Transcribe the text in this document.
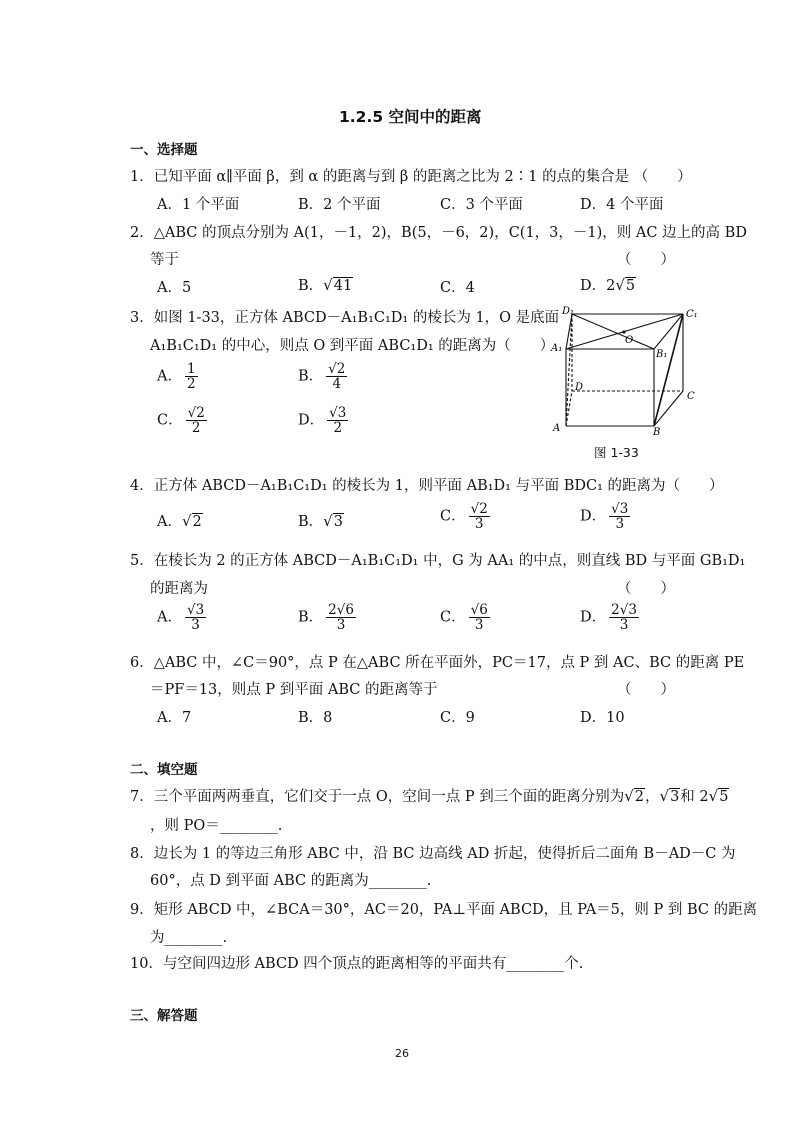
1.2.5 空间中的距离
一、选择题
1．已知平面 α∥平面 β，到 α 的距离与到 β 的距离之比为 2∶1 的点的集合是 （　　）
A．1 个平面	B．2 个平面	C．3 个平面	D．4 个平面
2．△ABC 的顶点分别为 A(1，－1，2)，B(5，－6，2)，C(1，3，－1)，则 AC 边上的高 BD
等于	（　　）
A．5	B．√41	C．4	D．2√5
3．如图 1-33，正方体 ABCD－A₁B₁C₁D₁ 的棱长为 1，O 是底面
A₁B₁C₁D₁ 的中心，则点 O 到平面 ABC₁D₁ 的距离为（　　）
A． $\frac{1}{2}$	B． $\frac{√2}{4}$
C． $\frac{√2}{2}$	D． $\frac{√3}{2}$
D₁	C₁
A₁
B₁
O
D
C
A	B
图 1-33
4．正方体 ABCD－A₁B₁C₁D₁ 的棱长为 1，则平面 AB₁D₁ 与平面 BDC₁ 的距离为（　　）
A．√2	B．√3	C． $\frac{√2}{3}$	D． $\frac{√3}{3}$
5．在棱长为 2 的正方体 ABCD－A₁B₁C₁D₁ 中，G 为 AA₁ 的中点，则直线 BD 与平面 GB₁D₁
的距离为	（　　）
A． $\frac{√3}{3}$	B． $\frac{2√6}{3}$	C． $\frac{√6}{3}$	D． $\frac{2√3}{3}$
6．△ABC 中，∠C＝90°，点 P 在△ABC 所在平面外，PC＝17，点 P 到 AC、BC 的距离 PE
＝PF＝13，则点 P 到平面 ABC 的距离等于	（　　）
A．7	B．8	C．9	D．10
二、填空题
7．三个平面两两垂直，它们交于一点 O，空间一点 P 到三个面的距离分别为√2，√3和 2√5
，则 PO＝________.
8．边长为 1 的等边三角形 ABC 中，沿 BC 边高线 AD 折起，使得折后二面角 B－AD－C 为
60°，点 D 到平面 ABC 的距离为________.
9．矩形 ABCD 中，∠BCA＝30°，AC＝20，PA⊥平面 ABCD，且 PA＝5，则 P 到 BC 的距离
为________.
10．与空间四边形 ABCD 四个顶点的距离相等的平面共有________个.
三、解答题
26
